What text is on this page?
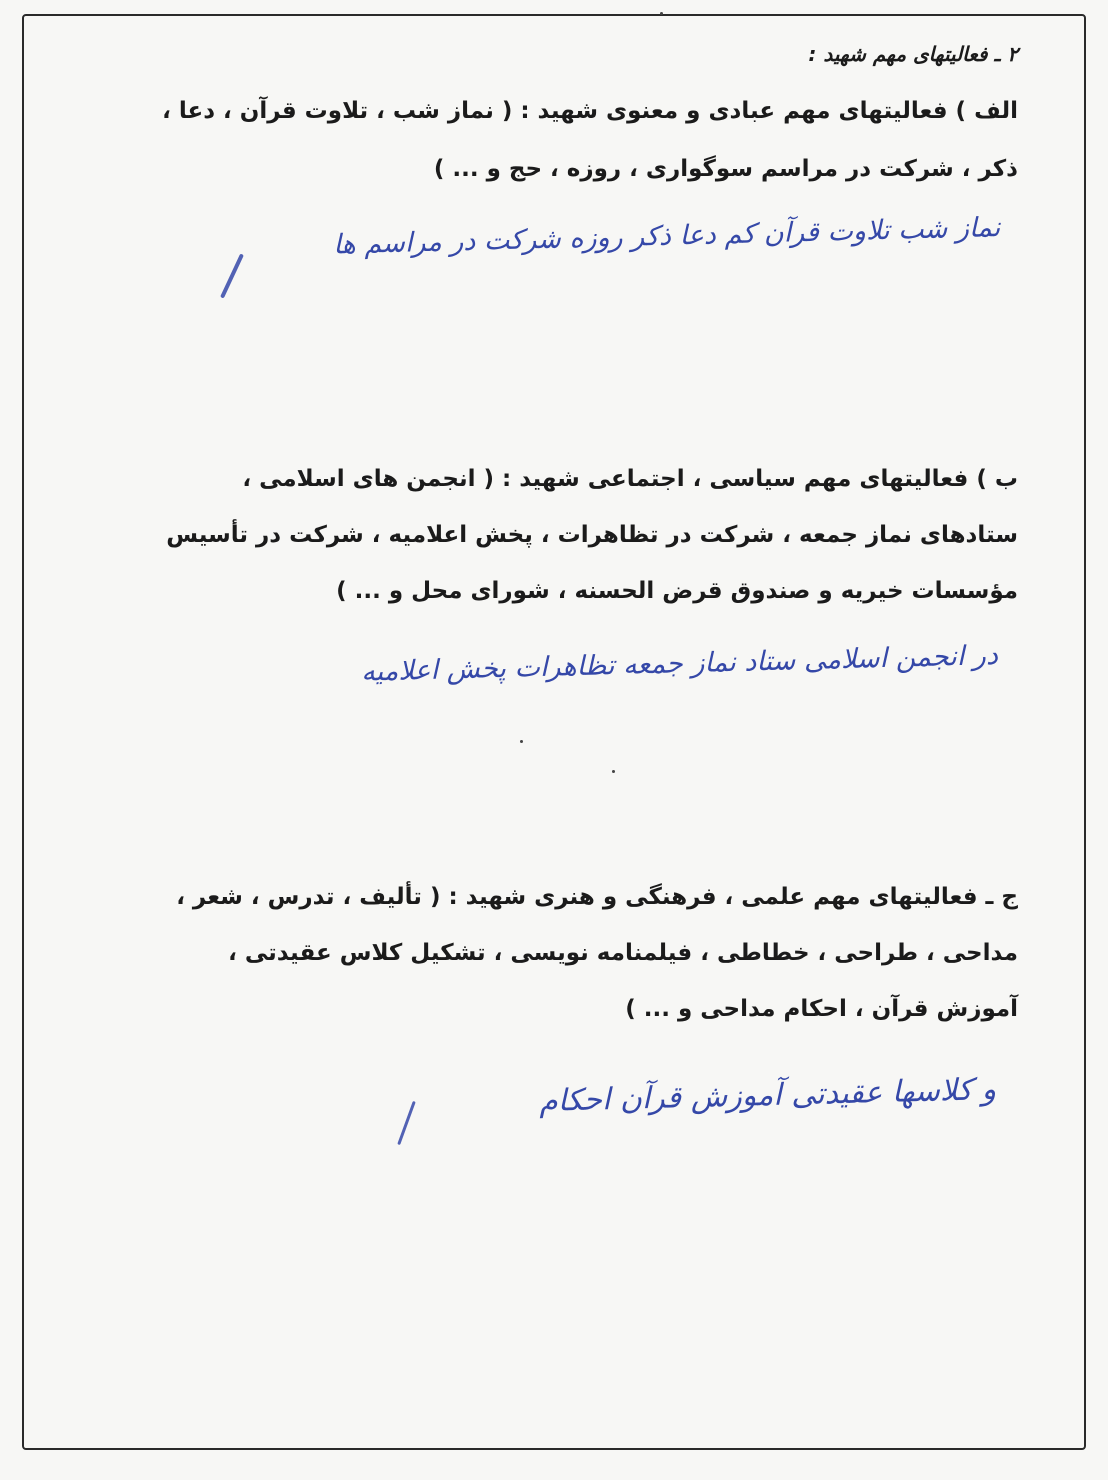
۲ ـ فعالیتهای مهم شهید :
الف ) فعالیتهای مهم عبادی و معنوی شهید : ( نماز شب ، تلاوت قرآن ، دعا ،
ذکر ، شرکت در مراسم سوگواری ، روزه ، حج و ... )
ب ) فعالیتهای مهم سیاسی ، اجتماعی شهید : ( انجمن های اسلامی ،
ستادهای نماز جمعه ، شرکت در تظاهرات ، پخش اعلامیه ، شرکت در تأسیس
مؤسسات خیریه و صندوق قرض الحسنه ، شورای محل و ... )
ج ـ فعالیتهای مهم علمی ، فرهنگی و هنری شهید : ( تألیف ، تدرس ، شعر ،
مداحی ، طراحی ، خطاطی ، فیلمنامه نویسی ، تشکیل کلاس عقیدتی ،
آموزش قرآن ، احکام مداحی و ... )
نماز شب تلاوت قرآن کم دعا ذکر روزه شرکت در مراسم ها
در انجمن اسلامی ستاد نماز جمعه تظاهرات پخش اعلامیه
و کلاسها عقیدتی آموزش قرآن احکام
